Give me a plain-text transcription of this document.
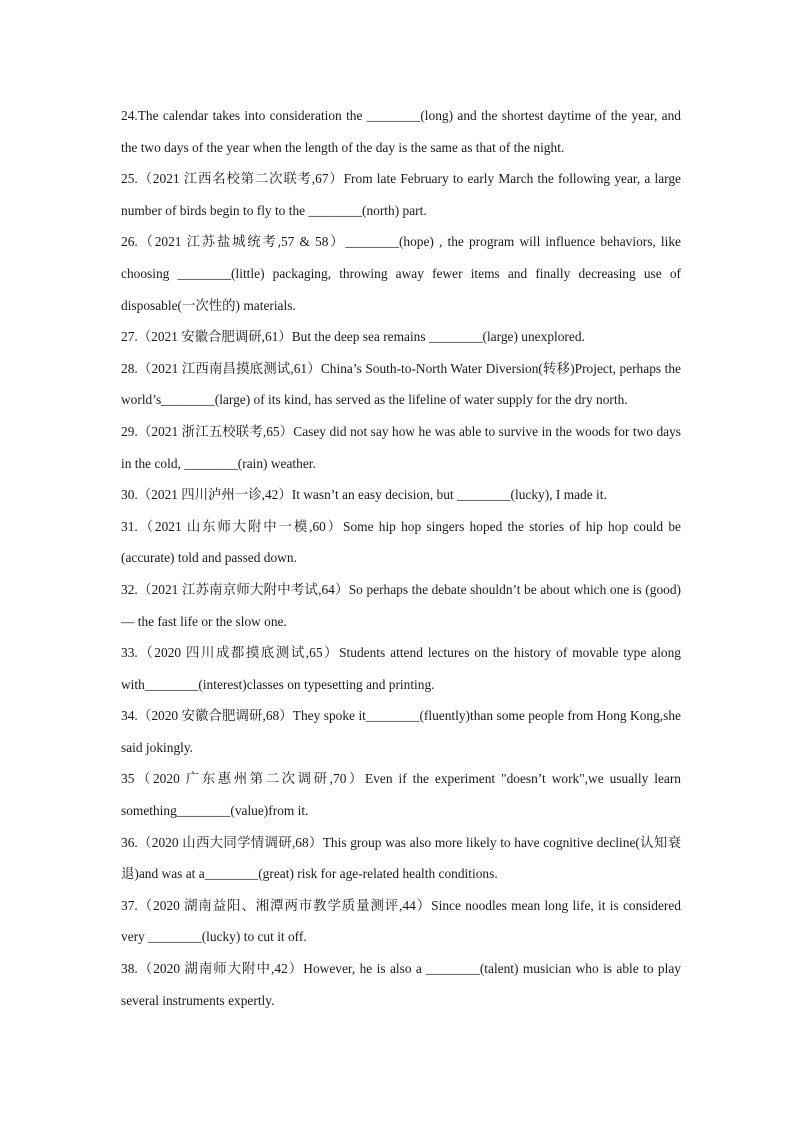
24.The calendar takes into consideration the ________(long) and the shortest daytime of the year, and the two days of the year when the length of the day is the same as that of the night.

25.（2021 江西名校第二次联考,67）From late February to early March the following year, a large number of birds begin to fly to the ________(north) part.

26.（2021 江苏盐城统考,57 & 58）________(hope) , the program will influence behaviors, like choosing ________(little) packaging, throwing away fewer items and finally decreasing use of disposable(一次性的) materials.

27.（2021 安徽合肥调研,61）But the deep sea remains ________(large) unexplored.

28.（2021 江西南昌摸底测试,61）China’s South-to-North Water Diversion(转移)Project, perhaps the world’s________(large) of its kind, has served as the lifeline of water supply for the dry north.

29.（2021 浙江五校联考,65）Casey did not say how he was able to survive in the woods for two days in the cold, ________(rain) weather.

30.（2021 四川泸州一诊,42）It wasn’t an easy decision, but ________(lucky), I made it.

31.（2021 山东师大附中一模,60）Some hip hop singers hoped the stories of hip hop could be (accurate) told and passed down.

32.（2021 江苏南京师大附中考试,64）So perhaps the debate shouldn’t be about which one is (good) — the fast life or the slow one.

33.（2020 四川成都摸底测试,65）Students attend lectures on the history of movable type along with________(interest)classes on typesetting and printing.

34.（2020 安徽合肥调研,68）They spoke it________(fluently)than some people from Hong Kong,she said jokingly.

35（2020 广东惠州第二次调研,70）Even if the experiment "doesn’t work",we usually learn something________(value)from it.

36.（2020 山西大同学情调研,68）This group was also more likely to have cognitive decline(认知衰退)and was at a________(great) risk for age-related health conditions.

37.（2020 湖南益阳、湘潭两市教学质量测评,44）Since noodles mean long life, it is considered very ________(lucky) to cut it off.

38.（2020 湖南师大附中,42）However, he is also a ________(talent) musician who is able to play several instruments expertly.
